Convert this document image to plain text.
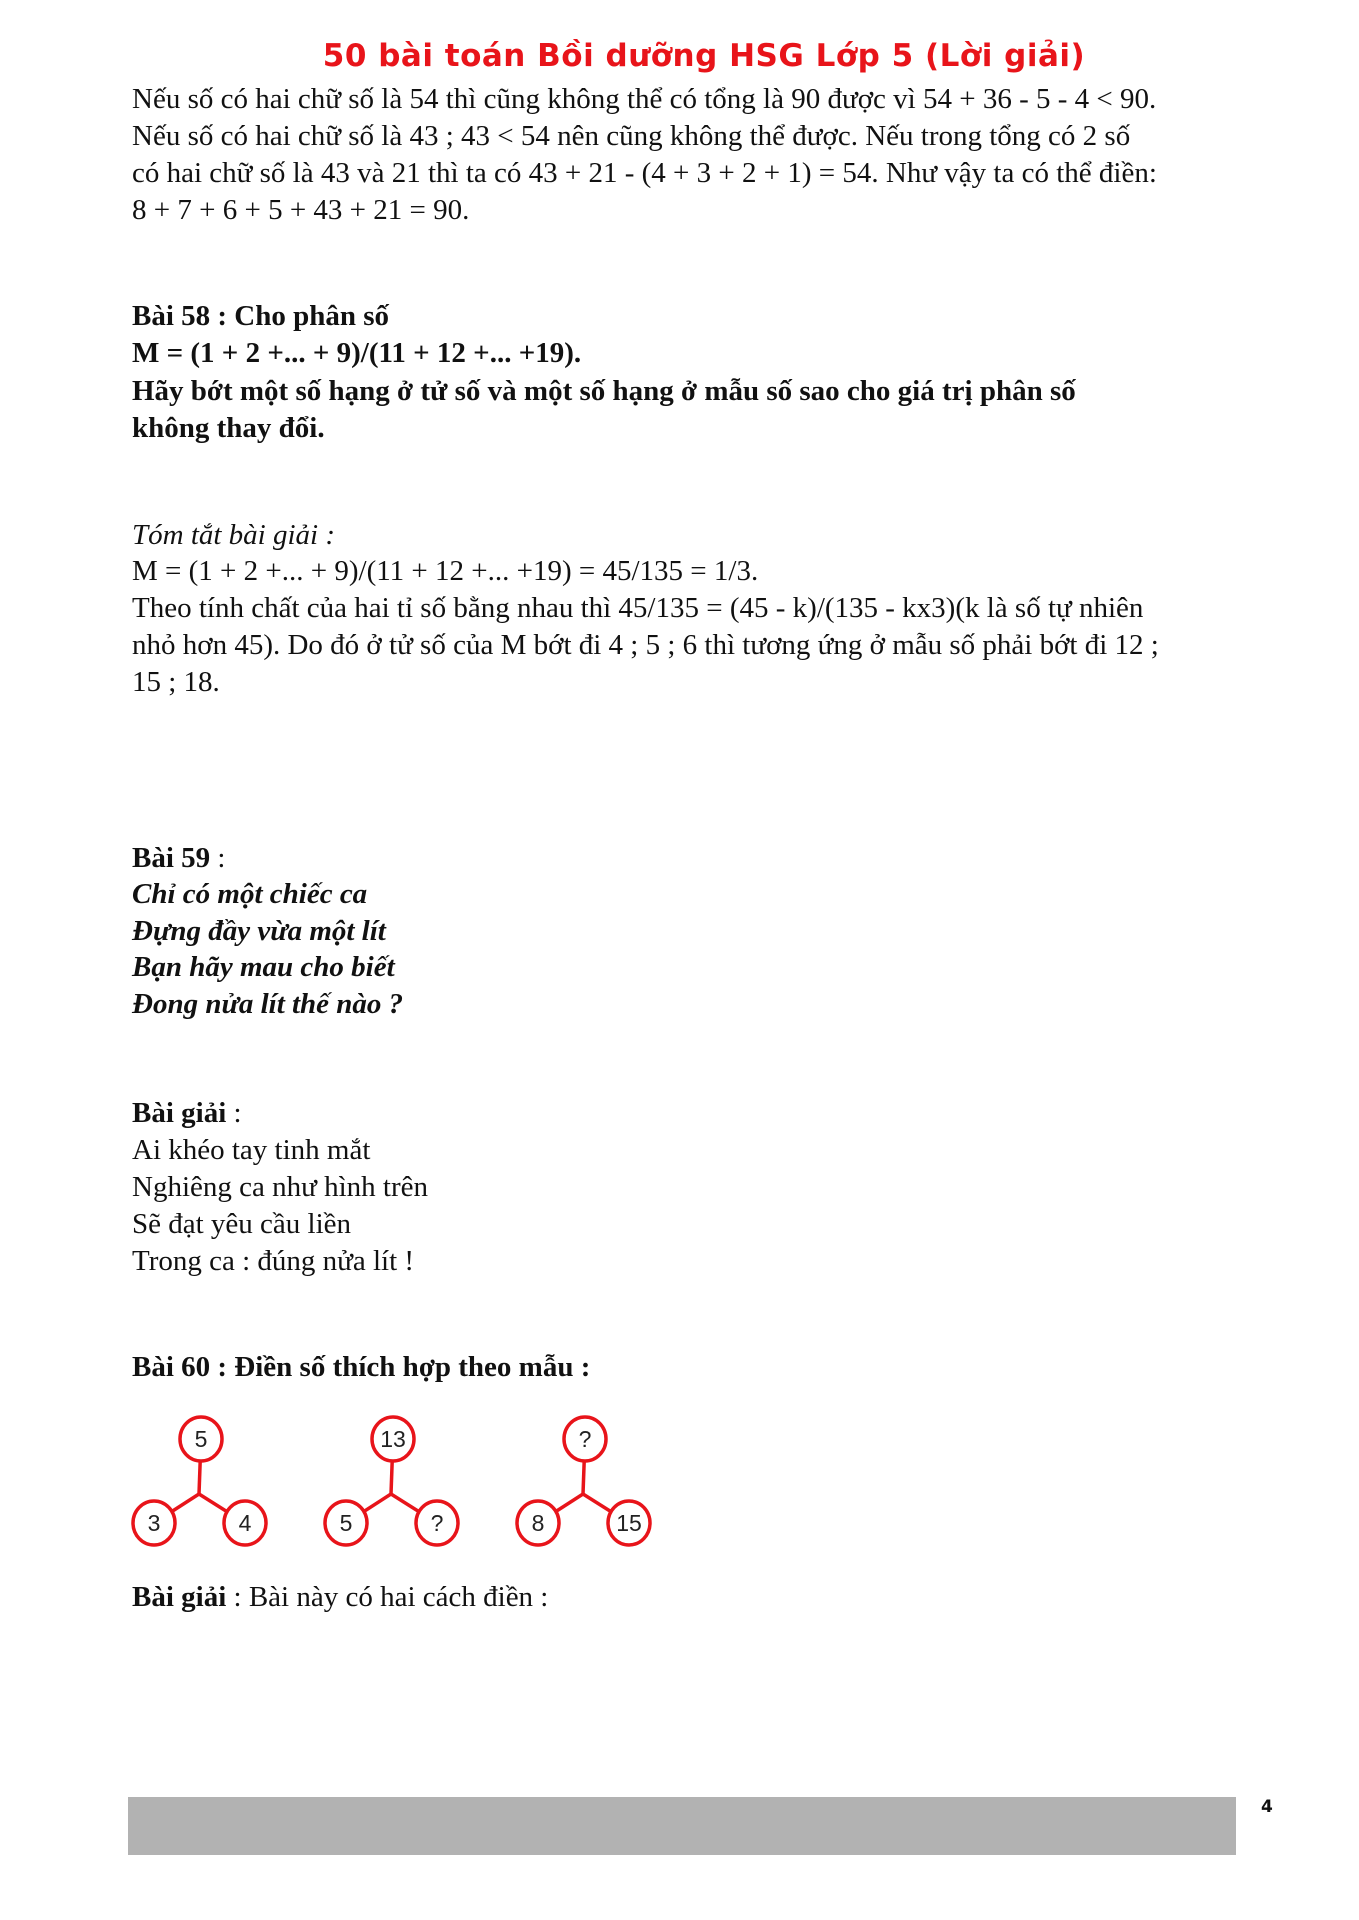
50 bài toán Bồi dưỡng HSG Lớp 5 (Lời giải)
Nếu số có hai chữ số là 54 thì cũng không thể có tổng là 90 được vì 54 + 36 - 5 - 4 < 90.
Nếu số có hai chữ số là 43 ; 43 < 54 nên cũng không thể được. Nếu trong tổng có 2 số
có hai chữ số là 43 và 21 thì ta có 43 + 21 - (4 + 3 + 2 + 1) = 54. Như vậy ta có thể điền:
8 + 7 + 6 + 5 + 43 + 21 = 90.
Bài 58 : Cho phân số
M = (1 + 2 +... + 9)/(11 + 12 +... +19).
Hãy bớt một số hạng ở tử số và một số hạng ở mẫu số sao cho giá trị phân số
không thay đổi.
Tóm tắt bài giải :
M = (1 + 2 +... + 9)/(11 + 12 +... +19) = 45/135 = 1/3.
Theo tính chất của hai tỉ số bằng nhau thì 45/135 = (45 - k)/(135 - kx3)(k là số tự nhiên
nhỏ hơn 45). Do đó ở tử số của M bớt đi 4 ; 5 ; 6 thì tương ứng ở mẫu số phải bớt đi 12 ;
15 ; 18.
Bài 59 :
Chỉ có một chiếc ca
Đựng đầy vừa một lít
Bạn hãy mau cho biết
Đong nửa lít thế nào ?
Bài giải :
Ai khéo tay tinh mắt
Nghiêng ca như hình trên
Sẽ đạt yêu cầu liền
Trong ca : đúng nửa lít !
Bài 60 : Điền số thích hợp theo mẫu :
5
3	4
13
5	?
?
8	15
Bài giải : Bài này có hai cách điền :
4
